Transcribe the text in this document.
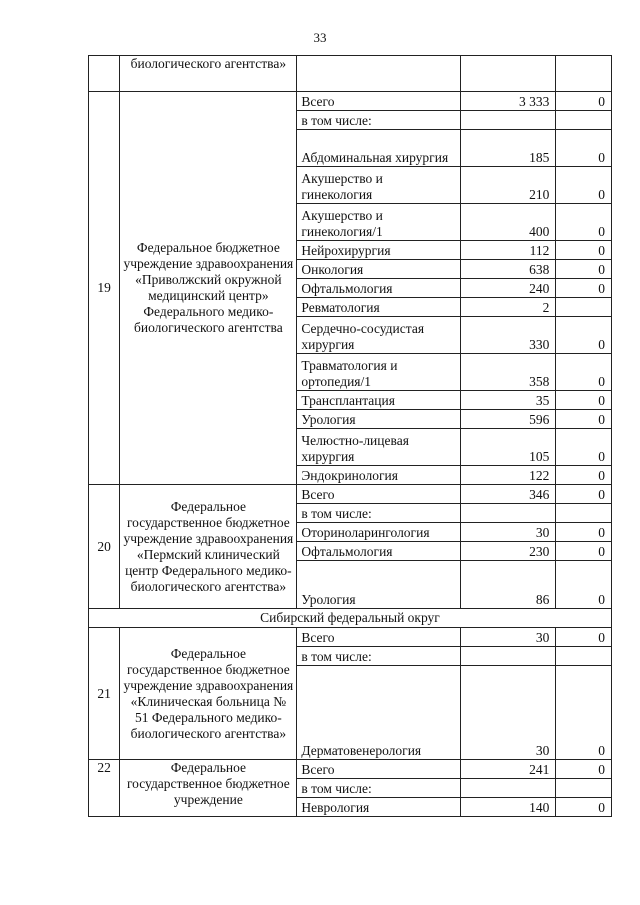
33
	биологического агентства»			
19	Федеральное бюджетное учреждение здравоохранения «Приволжский окружной медицинский центр» Федерального медико-биологического агентства	Всего	3 333	0
		в том числе:		
		Абдоминальная хирургия	185	0
		Акушерство и гинекология	210	0
		Акушерство и гинекология/1	400	0
		Нейрохирургия	112	0
		Онкология	638	0
		Офтальмология	240	0
		Ревматология	2	
		Сердечно-сосудистая хирургия	330	0
		Травматология и ортопедия/1	358	0
		Трансплантация	35	0
		Урология	596	0
		Челюстно-лицевая хирургия	105	0
		Эндокринология	122	0
20	Федеральное государственное бюджетное учреждение здравоохранения «Пермский клинический центр Федерального медико-биологического агентства»	Всего	346	0
		в том числе:		
		Оториноларингология	30	0
		Офтальмология	230	0
		Урология	86	0
Сибирский федеральный округ				
21	Федеральное государственное бюджетное учреждение здравоохранения «Клиническая больница № 51 Федерального медико-биологического агентства»	Всего	30	0
		в том числе:		
		Дерматовенерология	30	0
22	Федеральное государственное бюджетное учреждение	Всего	241	0
		в том числе:		
		Неврология	140	0
